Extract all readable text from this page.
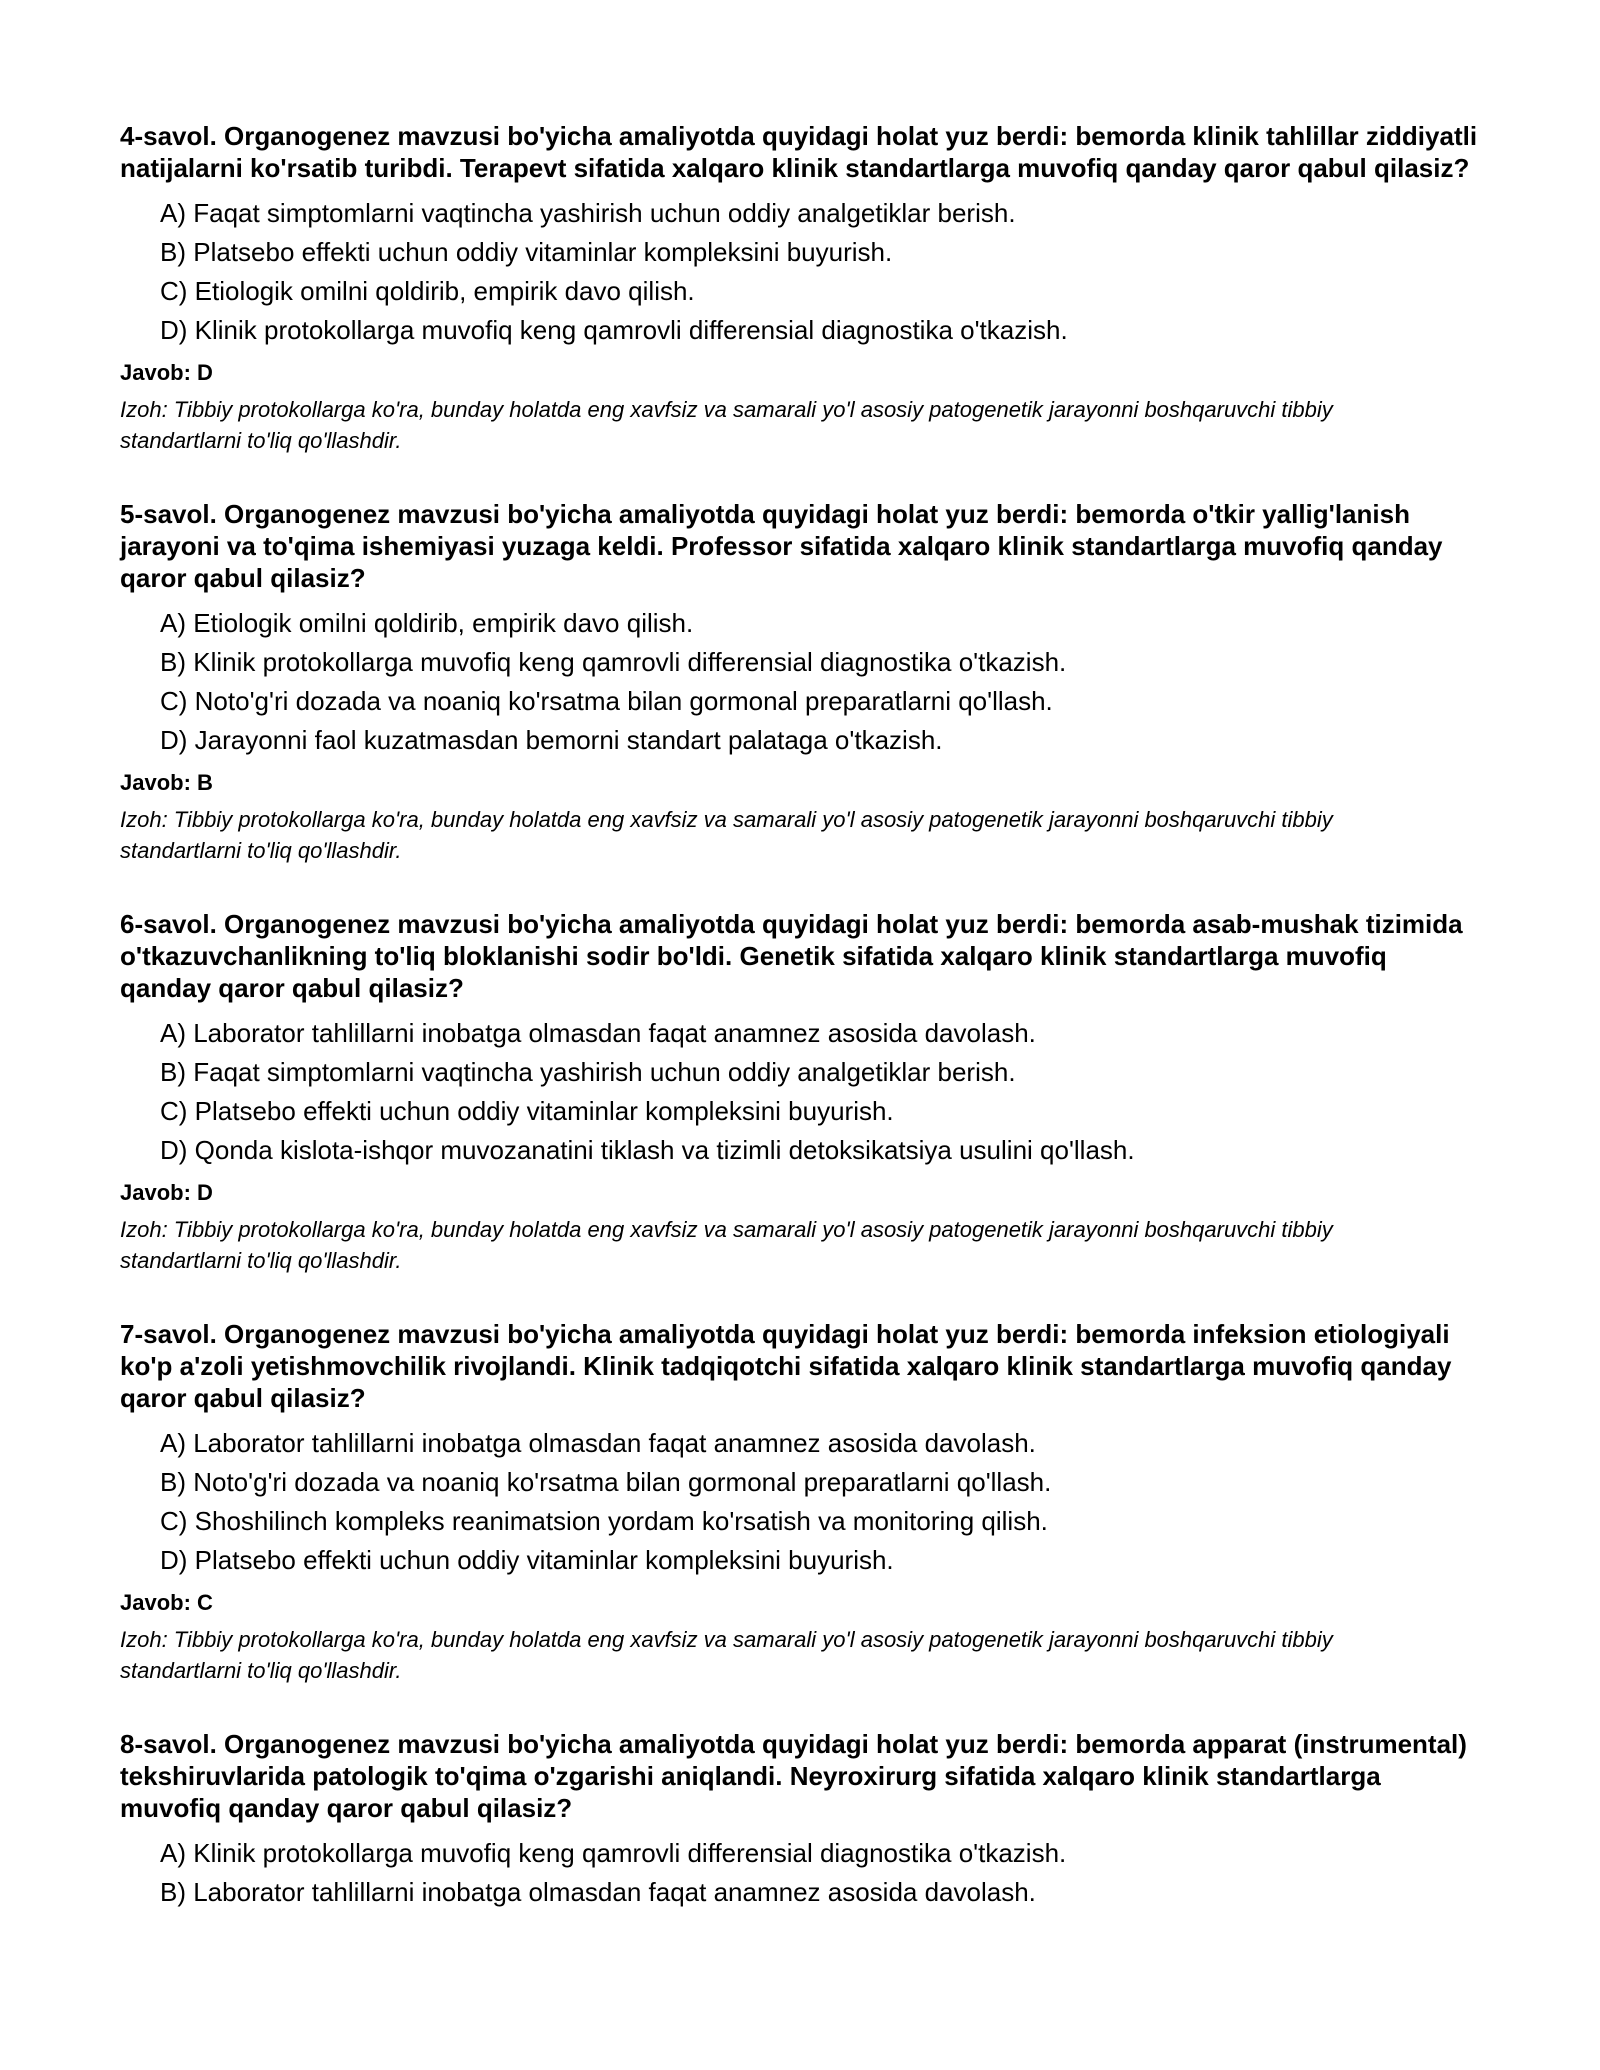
4-savol. Organogenez mavzusi bo'yicha amaliyotda quyidagi holat yuz berdi: bemorda klinik tahlillar ziddiyatli natijalarni ko'rsatib turibdi. Terapevt sifatida xalqaro klinik standartlarga muvofiq qanday qaror qabul qilasiz?

A) Faqat simptomlarni vaqtincha yashirish uchun oddiy analgetiklar berish.
B) Platsebo effekti uchun oddiy vitaminlar kompleksini buyurish.
C) Etiologik omilni qoldirib, empirik davo qilish.
D) Klinik protokollarga muvofiq keng qamrovli differensial diagnostika o'tkazish.

Javob: D

Izoh: Tibbiy protokollarga ko'ra, bunday holatda eng xavfsiz va samarali yo'l asosiy patogenetik jarayonni boshqaruvchi tibbiy standartlarni to'liq qo'llashdir.

5-savol. Organogenez mavzusi bo'yicha amaliyotda quyidagi holat yuz berdi: bemorda o'tkir yallig'lanish jarayoni va to'qima ishemiyasi yuzaga keldi. Professor sifatida xalqaro klinik standartlarga muvofiq qanday qaror qabul qilasiz?

A) Etiologik omilni qoldirib, empirik davo qilish.
B) Klinik protokollarga muvofiq keng qamrovli differensial diagnostika o'tkazish.
C) Noto'g'ri dozada va noaniq ko'rsatma bilan gormonal preparatlarni qo'llash.
D) Jarayonni faol kuzatmasdan bemorni standart palataga o'tkazish.

Javob: B

Izoh: Tibbiy protokollarga ko'ra, bunday holatda eng xavfsiz va samarali yo'l asosiy patogenetik jarayonni boshqaruvchi tibbiy standartlarni to'liq qo'llashdir.

6-savol. Organogenez mavzusi bo'yicha amaliyotda quyidagi holat yuz berdi: bemorda asab-mushak tizimida o'tkazuvchanlikning to'liq bloklanishi sodir bo'ldi. Genetik sifatida xalqaro klinik standartlarga muvofiq qanday qaror qabul qilasiz?

A) Laborator tahlillarni inobatga olmasdan faqat anamnez asosida davolash.
B) Faqat simptomlarni vaqtincha yashirish uchun oddiy analgetiklar berish.
C) Platsebo effekti uchun oddiy vitaminlar kompleksini buyurish.
D) Qonda kislota-ishqor muvozanatini tiklash va tizimli detoksikatsiya usulini qo'llash.

Javob: D

Izoh: Tibbiy protokollarga ko'ra, bunday holatda eng xavfsiz va samarali yo'l asosiy patogenetik jarayonni boshqaruvchi tibbiy standartlarni to'liq qo'llashdir.

7-savol. Organogenez mavzusi bo'yicha amaliyotda quyidagi holat yuz berdi: bemorda infeksion etiologiyali ko'p a'zoli yetishmovchilik rivojlandi. Klinik tadqiqotchi sifatida xalqaro klinik standartlarga muvofiq qanday qaror qabul qilasiz?

A) Laborator tahlillarni inobatga olmasdan faqat anamnez asosida davolash.
B) Noto'g'ri dozada va noaniq ko'rsatma bilan gormonal preparatlarni qo'llash.
C) Shoshilinch kompleks reanimatsion yordam ko'rsatish va monitoring qilish.
D) Platsebo effekti uchun oddiy vitaminlar kompleksini buyurish.

Javob: C

Izoh: Tibbiy protokollarga ko'ra, bunday holatda eng xavfsiz va samarali yo'l asosiy patogenetik jarayonni boshqaruvchi tibbiy standartlarni to'liq qo'llashdir.

8-savol. Organogenez mavzusi bo'yicha amaliyotda quyidagi holat yuz berdi: bemorda apparat (instrumental) tekshiruvlarida patologik to'qima o'zgarishi aniqlandi. Neyroxirurg sifatida xalqaro klinik standartlarga muvofiq qanday qaror qabul qilasiz?

A) Klinik protokollarga muvofiq keng qamrovli differensial diagnostika o'tkazish.
B) Laborator tahlillarni inobatga olmasdan faqat anamnez asosida davolash.
